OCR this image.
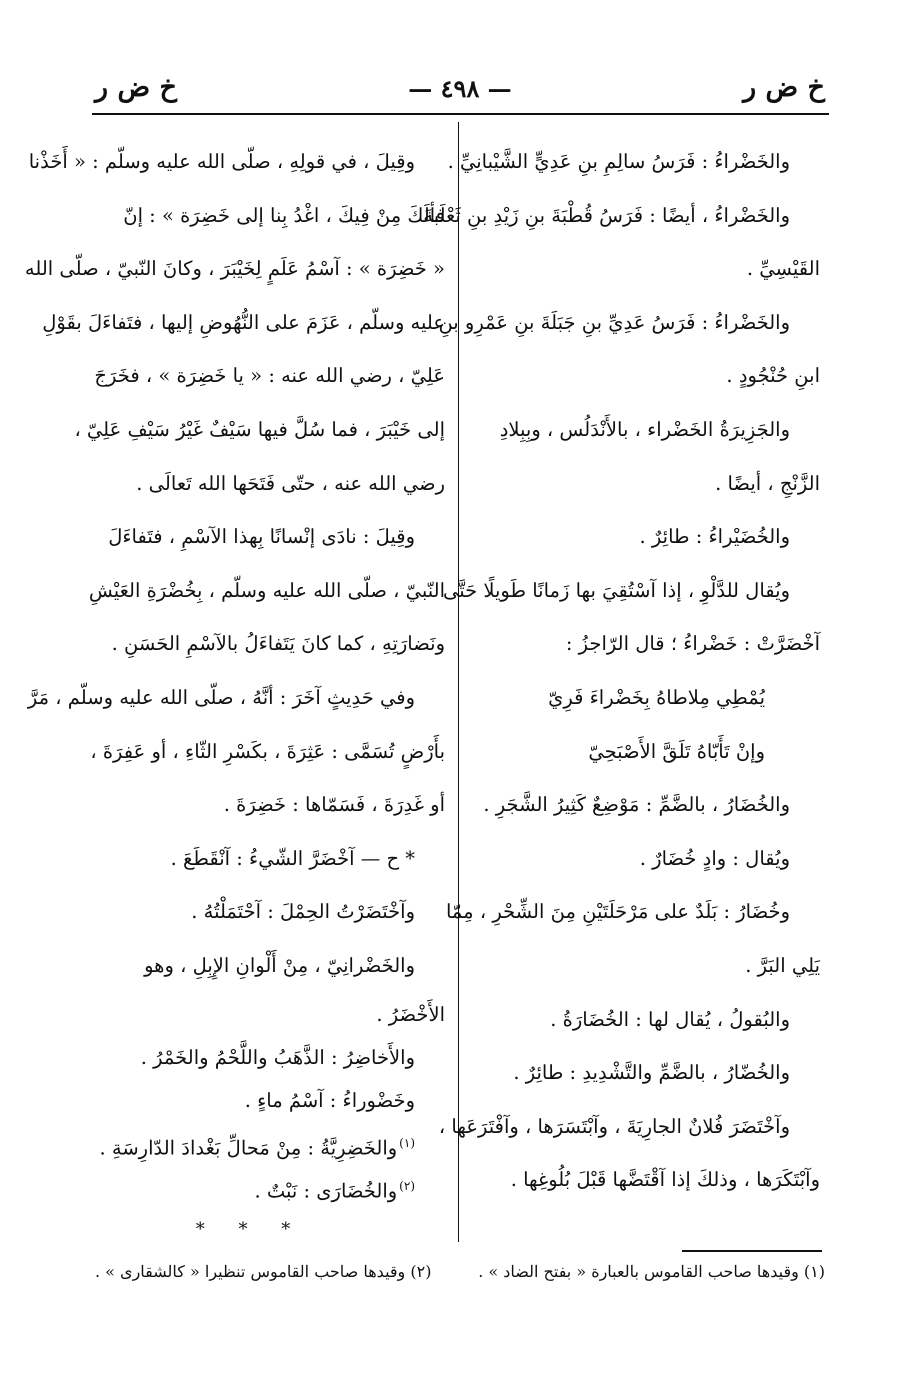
خ ض ر
— ٤٩٨ —
خ ض ر
والخَضْراءُ : فَرَسُ سالِمِ بنِ عَدِيٍّ الشَّيْبانِيِّ .
والخَضْراءُ ، أيضًا : فَرَسُ قُطْبَةَ بنِ زَيْدِ بنِ ثَعْلَبةَ
القَيْسِيِّ .
والخَضْراءُ : فَرَسُ عَدِيِّ بنِ جَبَلَةَ بنِ عَمْرِو بنِ
ابنِ حُنْجُودٍ .
والجَزِيرَةُ الخَضْراء ، بالأَنْدَلُس ، وبِبِلادِ
الزَّنْجِ ، أيضًا .
والخُضَيْراءُ : طائِرٌ .
ويُقال للدَّلْوِ ، إذا آسْتُقِيَ بها زَمانًا طَويلًا حَتَّى
آخْضَرَّتْ : خَضْراءُ ؛ قال الرّاجزُ :
يُمْطِي مِلاطاهُ بِخَضْراءَ فَرِيّ
وإنْ تَأَبّاهُ تَلَقَّ الأَصْبَحِيّ
والخُضَارُ ، بالضَّمِّ : مَوْضِعٌ كَثِيرُ الشَّجَرِ .
ويُقال : وادٍ خُضَارٌ .
وخُضَارُ : بَلَدٌ على مَرْحَلَتَيْنِ مِنَ الشِّحْرِ ، مِمّا
يَلِي البَرَّ .
والبُقولُ ، يُقال لها : الخُضَارَةُ .
والخُضّارُ ، بالضَّمِّ والتَّشْدِيدِ : طائِرٌ .
وآخْتَضَرَ فُلانٌ الجارِيَةَ ، وآبْتَسَرَها ، وآفْتَرَعَها ،
وآبْتَكَرَها ، وذلكَ إذا آقْتَضَّها قَبْلَ بُلُوغِها .
وقِيلَ ، في قولِهِ ، صلّى الله عليه وسلّم : « أَخَذْنا
فألَكَ مِنْ فِيكَ ، اغْدُ بِنا إلى خَضِرَة » : إنّ
« خَضِرَة » : آسْمُ عَلَمٍ لِخَيْبَرَ ، وكانَ النّبيّ ، صلّى الله
عليه وسلّم ، عَزَمَ على النُّهُوضِ إليها ، فتَفاءَلَ بقَوْلِ
عَلِيّ ، رضي الله عنه : « يا خَضِرَة » ، فخَرَجَ
إلى خَيْبَرَ ، فما سُلَّ فيها سَيْفٌ غَيْرُ سَيْفِ عَلِيّ ،
رضي الله عنه ، حتّى فَتَحَها الله تَعالَى .
وقِيلَ : نادَى إنْسانًا بِهذا الآسْمِ ، فتَفاءَلَ
النّبيّ ، صلّى الله عليه وسلّم ، بِخُضْرَةِ العَيْشِ
ونَضارَتِهِ ، كما كانَ يَتَفاءَلُ بالآسْمِ الحَسَنِ .
وفي حَدِيثٍ آخَرَ : أنَّهُ ، صلّى الله عليه وسلّم ، مَرَّ
بأَرْضٍ تُسَمَّى : عَثِرَةَ ، بكَسْرِ الثّاءِ ، أو عَفِرَةَ ،
أو غَدِرَةَ ، فَسَمّاها : خَضِرَةَ .
* ح — آخْضَرَّ الشّيءُ : آنْقَطَعَ .
وآخْتَضَرْتُ الحِمْلَ : آحْتَمَلْتُهُ .
والخَضْرانِيّ ، مِنْ أَلْوانِ الإِبِلِ ، وهو
الأَخْضَرُ .
والأَخاضِرُ : الذَّهَبُ واللَّحْمُ والخَمْرُ .
وخَضْوراءُ : آسْمُ ماءٍ .
$^{(١)}$والخَضِرِيَّةُ : مِنْ مَحالِّ بَغْدادَ الدّارِسَةِ .
$^{(٢)}$والخُضَارَى : نَبْتٌ .
* * *
(١) وقيدها صاحب القاموس بالعبارة « بفتح الضاد » .
(٢) وقيدها صاحب القاموس تنظيرا « كالشقارى » .
